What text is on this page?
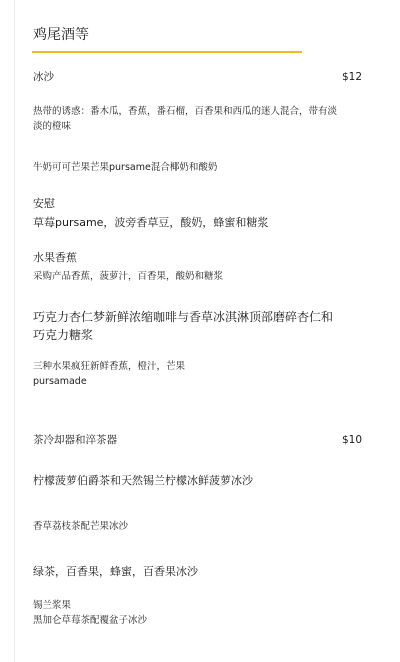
鸡尾酒等
冰沙	$12
热带的诱惑：番木瓜，香蕉，番石榴，百香果和西瓜的迷人混合，带有淡淡的橙味
牛奶可可芒果芒果pursame混合椰奶和酸奶
安慰
草莓pursame，波旁香草豆，酸奶，蜂蜜和糖浆
水果香蕉
采购产品香蕉，菠萝汁，百香果，酸奶和糖浆
巧克力杏仁梦新鲜浓缩咖啡与香草冰淇淋顶部磨碎杏仁和巧克力糖浆
三种水果疯狂新鲜香蕉，橙汁，芒果
pursamade
茶冷却器和淬茶器	$10
柠檬菠萝伯爵茶和天然锡兰柠檬冰鲜菠萝冰沙
香草荔枝茶配芒果冰沙
绿茶，百香果，蜂蜜，百香果冰沙
锡兰浆果
黑加仑草莓茶配覆盆子冰沙
